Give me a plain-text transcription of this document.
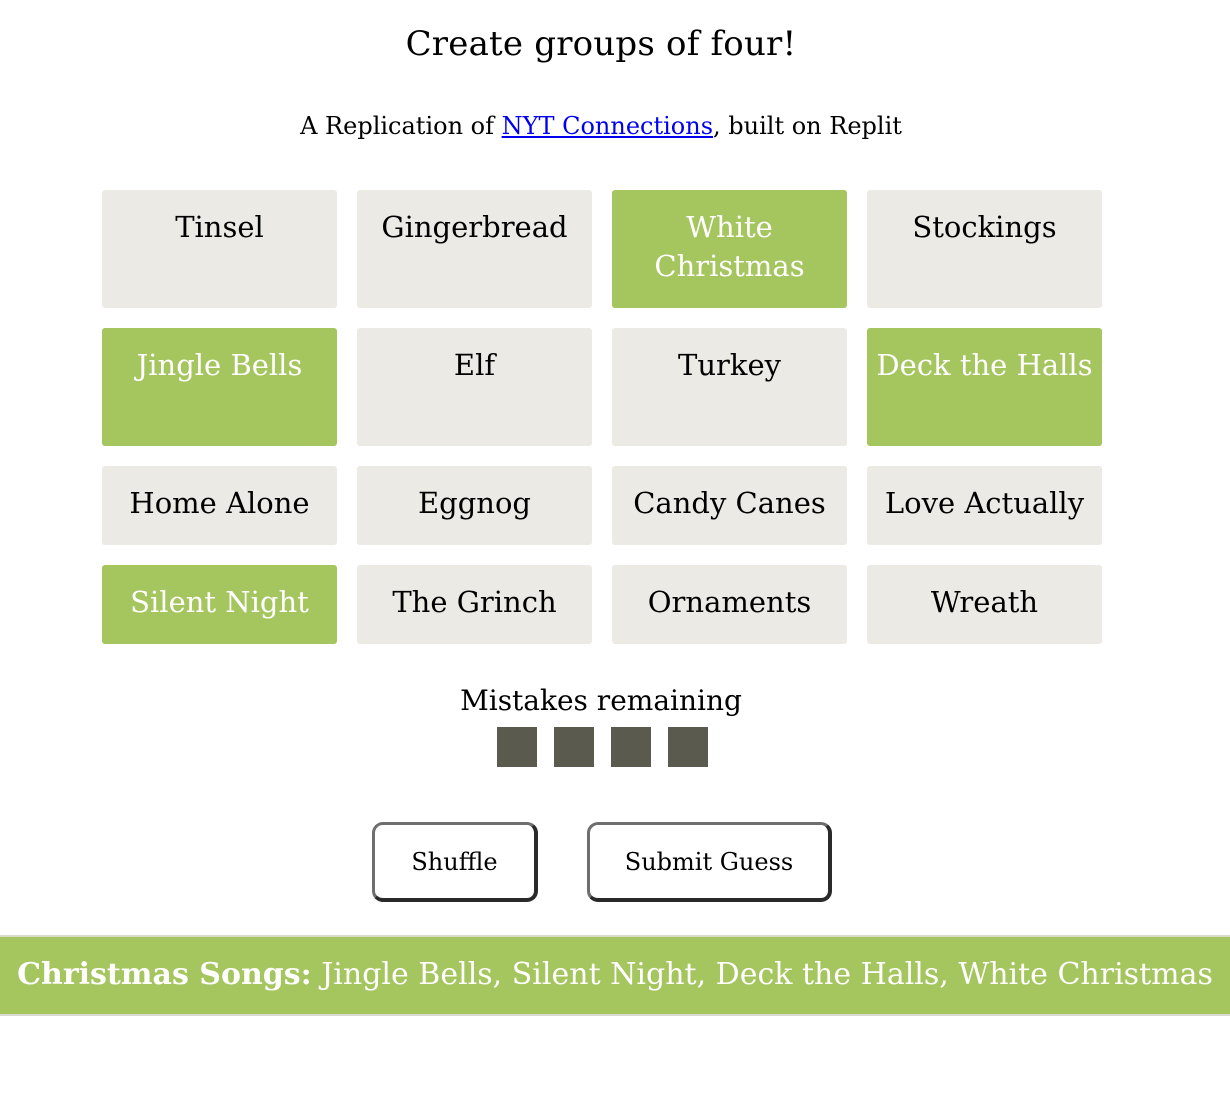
Create groups of four!
A Replication of NYT Connections, built on Replit
Tinsel	Gingerbread	White Christmas
Stockings
Jingle Bells	Elf	Turkey	Deck the Halls
Home Alone	Eggnog	Candy Canes	Love Actually
Silent Night	The Grinch	Ornaments	Wreath
Mistakes remaining
Shuffle	Submit Guess
Christmas Songs: Jingle Bells, Silent Night, Deck the Halls, White Christmas
